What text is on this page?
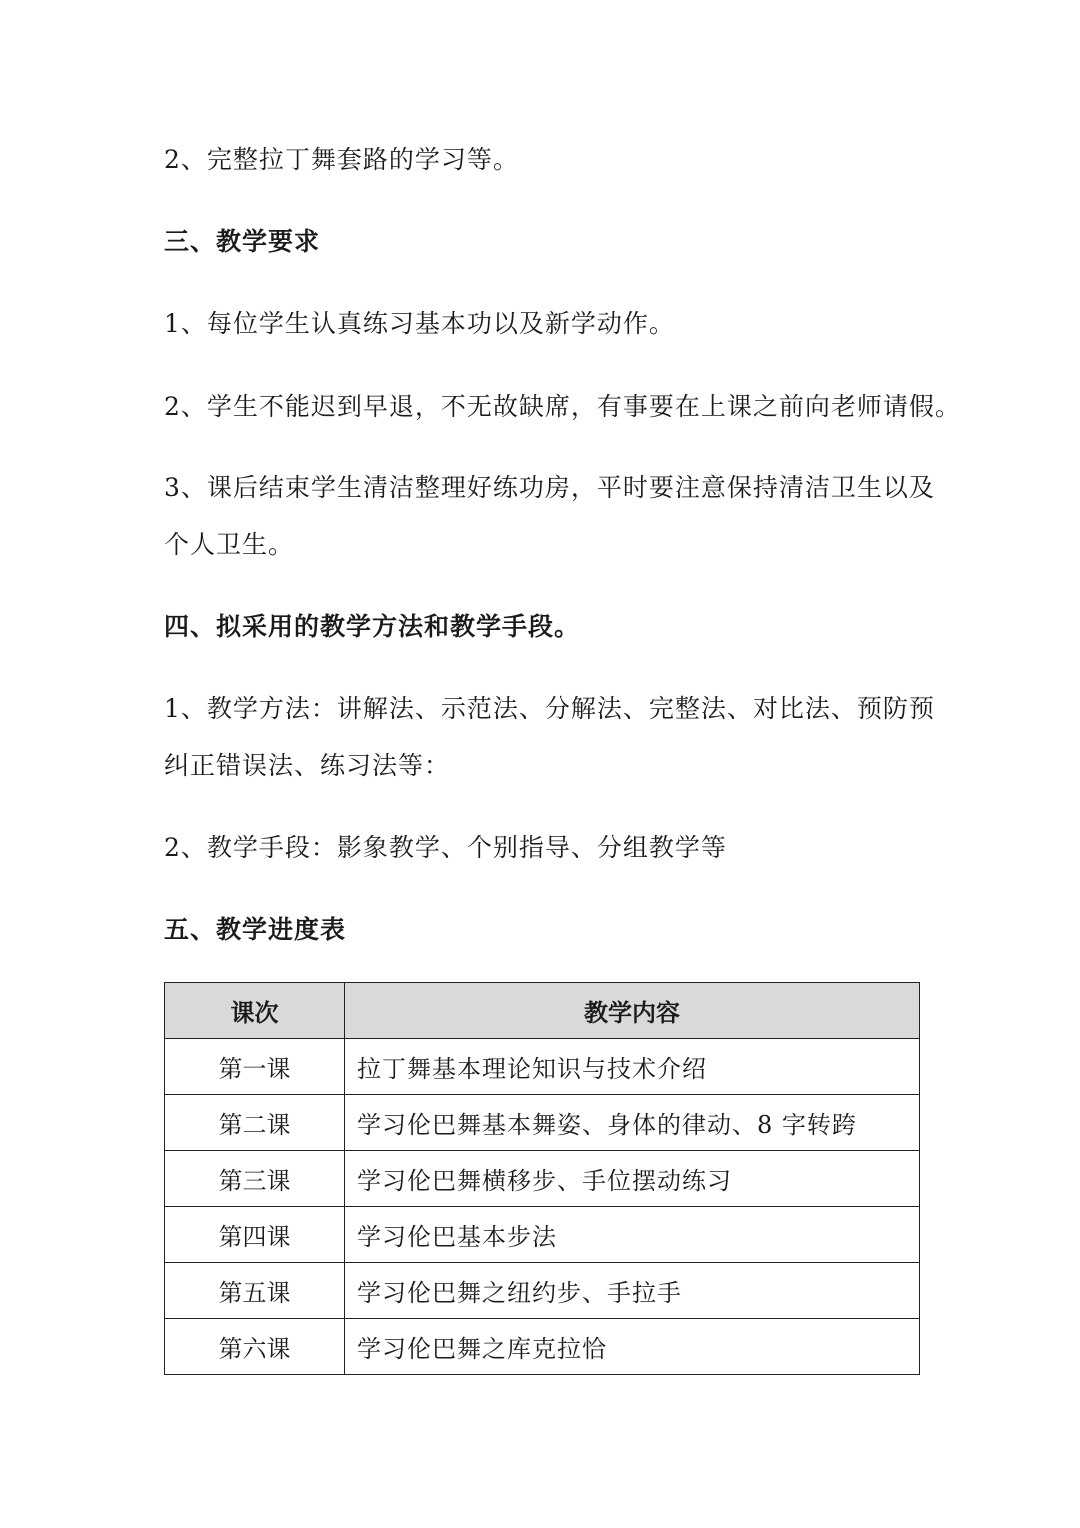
2、完整拉丁舞套路的学习等。
三、教学要求
1、每位学生认真练习基本功以及新学动作。
2、学生不能迟到早退，不无故缺席，有事要在上课之前向老师请假。
3、课后结束学生清洁整理好练功房，平时要注意保持清洁卫生以及
个人卫生。
四、拟采用的教学方法和教学手段。
1、教学方法：讲解法、示范法、分解法、完整法、对比法、预防预
纠正错误法、练习法等：
2、教学手段：影象教学、个别指导、分组教学等
五、教学进度表
课次	教学内容
第一课	拉丁舞基本理论知识与技术介绍
第二课	学习伦巴舞基本舞姿、身体的律动、8 字转跨
第三课	学习伦巴舞横移步、手位摆动练习
第四课	学习伦巴基本步法
第五课	学习伦巴舞之纽约步、手拉手
第六课	学习伦巴舞之库克拉恰
